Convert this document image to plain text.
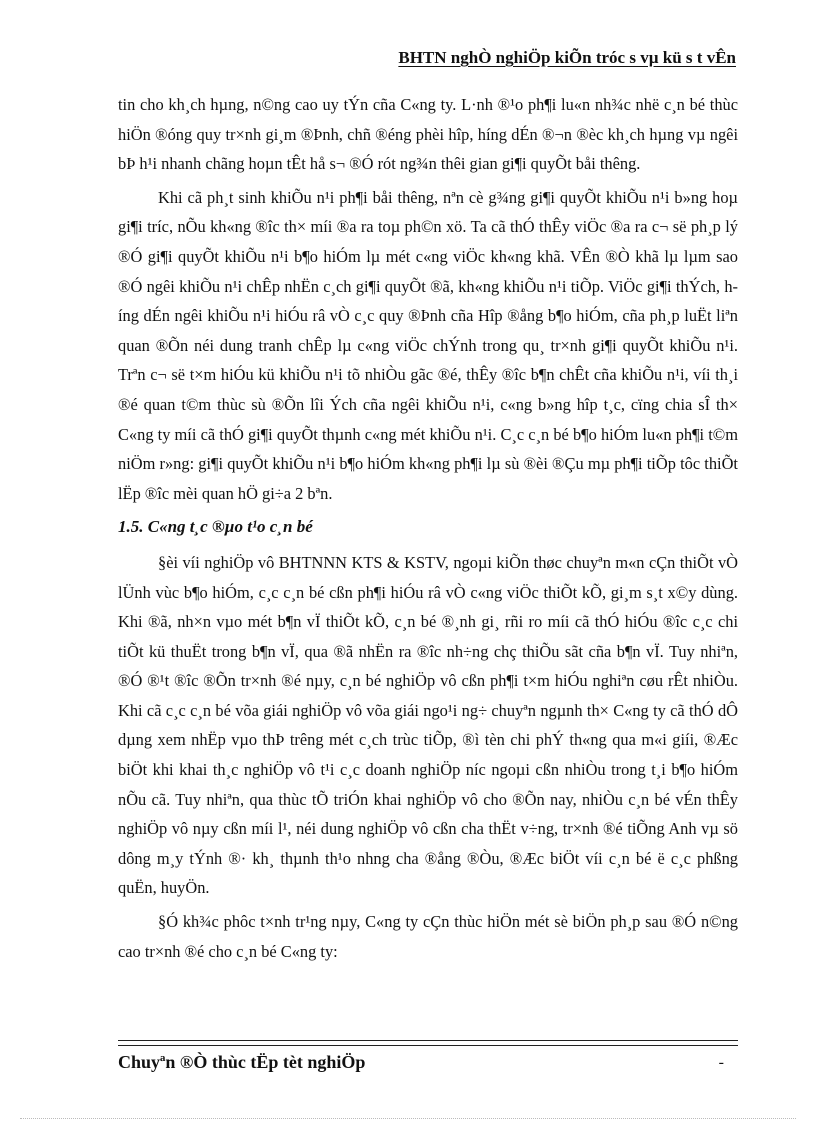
BHTN nghÒ nghiÖp kiÕn tróc s vµ kü s t vÊn

tin cho kh¸ch hµng, n©ng cao uy tÝn cña C«ng ty. L·nh ®¹o ph¶i lu«n nh¾c nhë c¸n bé thùc hiÖn ®óng quy tr×nh gi¸m ®Þnh, chñ ®éng phèi hîp, híng dÉn ®¬n ®èc kh¸ch hµng vµ ngêi bÞ h¹i nhanh chãng hoµn tÊt hå s¬ ®Ó rót ng¾n thêi gian gi¶i quyÕt båi thêng.

Khi cã ph¸t sinh khiÕu n¹i ph¶i båi thêng, nªn cè g¾ng gi¶i quyÕt khiÕu n¹i b»ng hoµ gi¶i tríc, nÕu kh«ng ®îc th× míi ®a ra toµ ph©n xö. Ta cã thÓ thÊy viÖc ®a ra c¬ së ph¸p lý ®Ó gi¶i quyÕt khiÕu n¹i b¶o hiÓm lµ mét c«ng viÖc kh«ng khã. VÊn ®Ò khã lµ lµm sao ®Ó ngêi khiÕu n¹i chÊp nhËn c¸ch gi¶i quyÕt ®ã, kh«ng khiÕu n¹i tiÕp. ViÖc gi¶i thÝch, híng dÉn ngêi khiÕu n¹i hiÓu râ vÒ c¸c quy ®Þnh cña Hîp ®ång b¶o hiÓm, cña ph¸p luËt liªn quan ®Õn néi dung tranh chÊp lµ c«ng viÖc chÝnh trong qu¸ tr×nh gi¶i quyÕt khiÕu n¹i. Trªn c¬ së t×m hiÓu kü khiÕu n¹i tõ nhiÒu gãc ®é, thÊy ®îc b¶n chÊt cña khiÕu n¹i, víi th¸i ®é quan t©m thùc sù ®Õn lîi Ých cña ngêi khiÕu n¹i, c«ng b»ng hîp t¸c, cïng chia sÎ th× C«ng ty míi cã thÓ gi¶i quyÕt thµnh c«ng mét khiÕu n¹i. C¸c c¸n bé b¶o hiÓm lu«n ph¶i t©m niÖm r»ng: gi¶i quyÕt khiÕu n¹i b¶o hiÓm kh«ng ph¶i lµ sù ®èi ®Çu mµ ph¶i tiÕp tôc thiÕt lËp ®îc mèi quan hÖ gi÷a 2 bªn.

1.5. C«ng t¸c ®µo t¹o c¸n bé

§èi víi nghiÖp vô BHTNNN KTS & KSTV, ngoµi kiÕn thøc chuyªn m«n cÇn thiÕt vÒ lÜnh vùc b¶o hiÓm, c¸c c¸n bé cßn ph¶i hiÓu râ vÒ c«ng viÖc thiÕt kÕ, gi¸m s¸t x©y dùng. Khi ®ã, nh×n vµo mét b¶n vÏ thiÕt kÕ, c¸n bé ®¸nh gi¸ rñi ro míi cã thÓ hiÓu ®îc c¸c chi tiÕt kü thuËt trong b¶n vÏ, qua ®ã nhËn ra ®îc nh÷ng chç thiÕu sãt cña b¶n vÏ. Tuy nhiªn, ®Ó ®¹t ®îc ®Õn tr×nh ®é nµy, c¸n bé nghiÖp vô cßn ph¶i t×m hiÓu nghiªn cøu rÊt nhiÒu. Khi cã c¸c c¸n bé võa giái nghiÖp vô võa giái ngo¹i ng÷ chuyªn ngµnh th× C«ng ty cã thÓ dÔ dµng xem nhËp vµo thÞ trêng mét c¸ch trùc tiÕp, ®ì tèn chi phÝ th«ng qua m«i giíi, ®Æc biÖt khi khai th¸c nghiÖp vô t¹i c¸c doanh nghiÖp níc ngoµi cßn nhiÒu trong t¸i b¶o hiÓm nÕu cã. Tuy nhiªn, qua thùc tÕ triÓn khai nghiÖp vô cho ®Õn nay, nhiÒu c¸n bé vÉn thÊy nghiÖp vô nµy cßn míi l¹, néi dung nghiÖp vô cßn cha thËt v÷ng, tr×nh ®é tiÕng Anh vµ sö dông m¸y tÝnh ®· kh¸ thµnh th¹o nhng cha ®ång ®Òu, ®Æc biÖt víi c¸n bé ë c¸c phßng quËn, huyÖn.

§Ó kh¾c phôc t×nh tr¹ng nµy, C«ng ty cÇn thùc hiÖn mét sè biÖn ph¸p sau ®Ó n©ng cao tr×nh ®é cho c¸n bé C«ng ty:

Chuyªn ®Ò thùc tËp tèt nghiÖp	-
